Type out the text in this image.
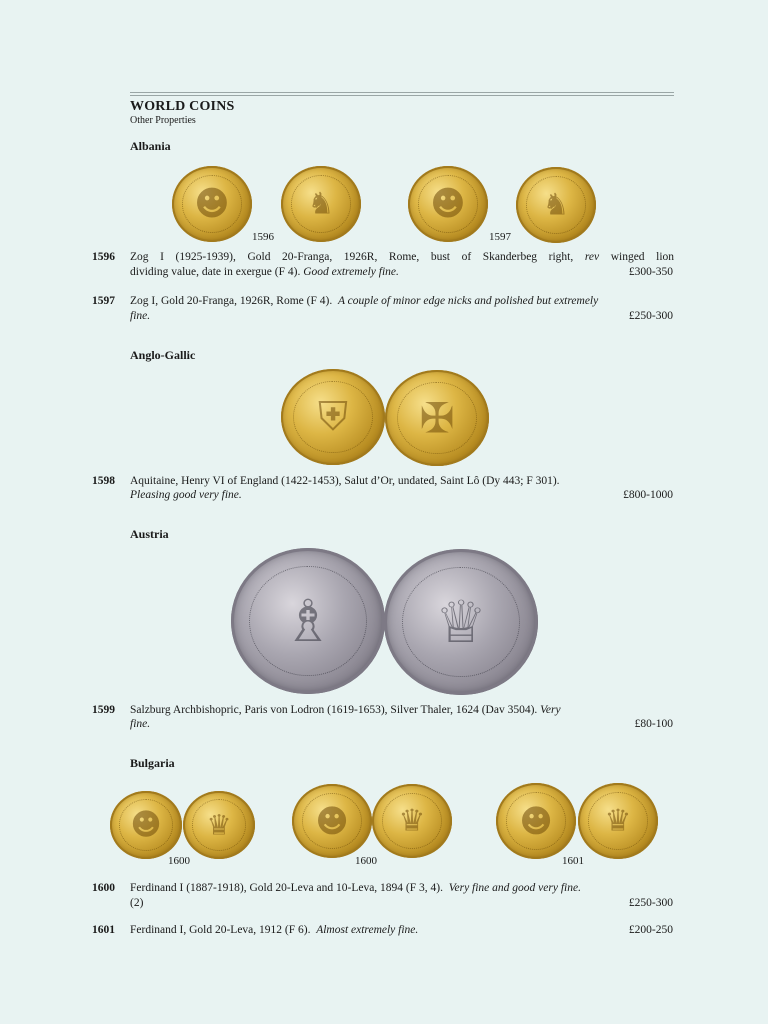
WORLD COINS
Other Properties
Albania
☻	♞
1596
☻	♞
1597
1596 Zog I (1925-1939), Gold 20-Franga, 1926R, Rome, bust of Skanderbeg right, rev winged lion
dividing value, date in exergue (F 4). Good extremely fine.	£300-350
1597 Zog I, Gold 20-Franga, 1926R, Rome (F 4). A couple of minor edge nicks and polished but extremely
fine.	£250-300
Anglo-Gallic
⛨ ✠
1598 Aquitaine, Henry VI of England (1422-1453), Salut d’Or, undated, Saint Lô (Dy 443; F 301).
Pleasing good very fine.	£800-1000
Austria
♗ ♕
1599 Salzburg Archbishopric, Paris von Lodron (1619-1653), Silver Thaler, 1624 (Dav 3504). Very
fine.	£80-100
Bulgaria
☻ ♛
1600
☻ ♛
1600
☻ ♛
1601
1600 Ferdinand I (1887-1918), Gold 20-Leva and 10-Leva, 1894 (F 3, 4). Very fine and good very fine.
(2)	£250-300
1601 Ferdinand I, Gold 20-Leva, 1912 (F 6). Almost extremely fine.	£200-250
